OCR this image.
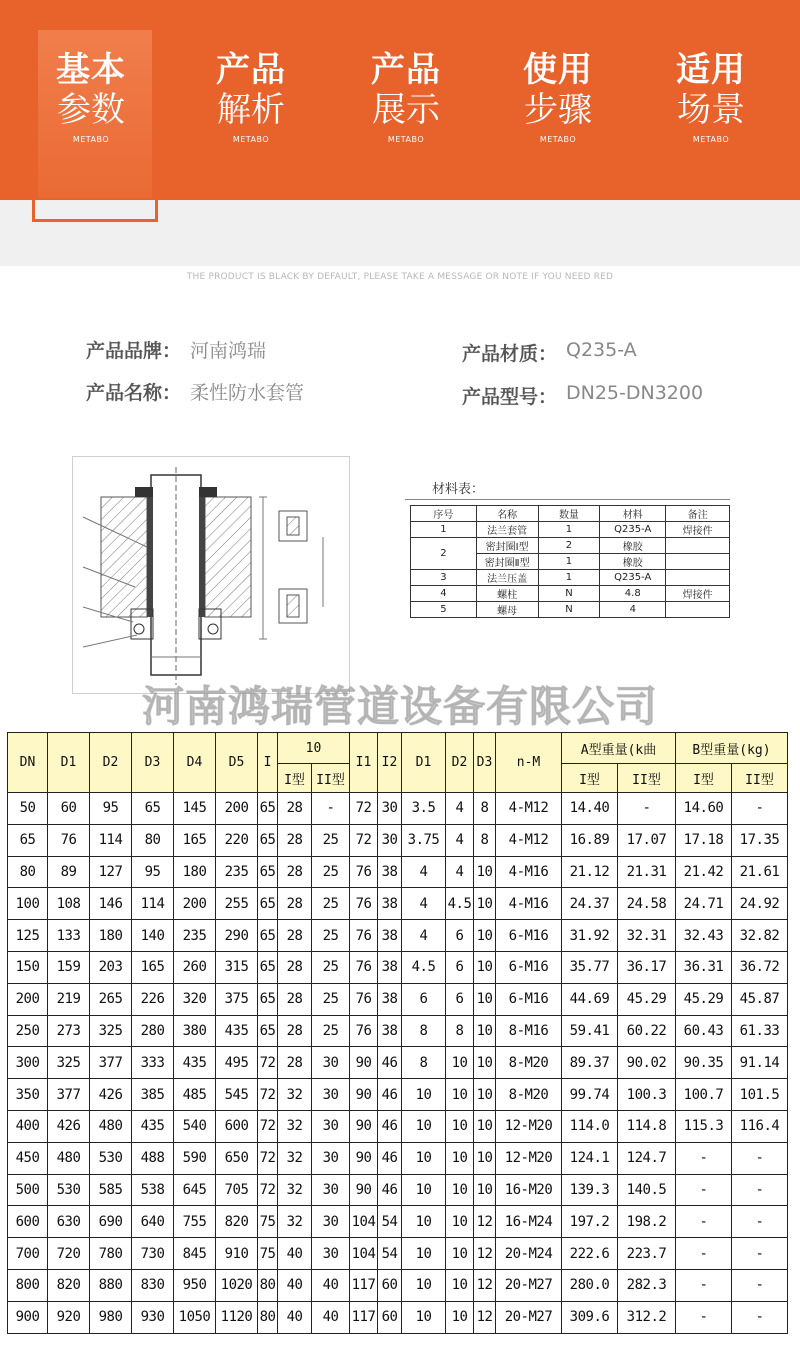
基本
参数
METABO
产品
解析
METABO
产品
展示
METABO
使用
步骤
METABO
适用
场景
METABO
THE PRODUCT IS BLACK BY DEFAULT, PLEASE TAKE A MESSAGE OR NOTE IF YOU NEED RED
产品品牌： 河南鸿瑞
产品名称： 柔性防水套管
产品材质： Q235-A
产品型号： DN25-DN3200
材料表：
序号	名称	数量	材料	备注
1	法兰套管	1	Q235-A	焊接件
2	密封圈Ⅰ型	2	橡胶	
	密封圈Ⅱ型	1	橡胶	
3	法兰压盖	1	Q235-A	
4	螺柱	N	4.8	焊接件
5	螺母	N	4	
河南鸿瑞管道设备有限公司
DN	D1	D2	D3	D4	D5	I	10		I1	I2	D1	D2	D3	n-M	A型重量(k曲		B型重量(kg)	
							I型	II型							I型	II型	I型	II型
50	60	95	65	145	200	65	28	-	72	30	3.5	4	8	4-M12	14.40	-	14.60	-
65	76	114	80	165	220	65	28	25	72	30	3.75	4	8	4-M12	16.89	17.07	17.18	17.35
80	89	127	95	180	235	65	28	25	76	38	4	4	10	4-M16	21.12	21.31	21.42	21.61
100	108	146	114	200	255	65	28	25	76	38	4	4.5	10	4-M16	24.37	24.58	24.71	24.92
125	133	180	140	235	290	65	28	25	76	38	4	6	10	6-M16	31.92	32.31	32.43	32.82
150	159	203	165	260	315	65	28	25	76	38	4.5	6	10	6-M16	35.77	36.17	36.31	36.72
200	219	265	226	320	375	65	28	25	76	38	6	6	10	6-M16	44.69	45.29	45.29	45.87
250	273	325	280	380	435	65	28	25	76	38	8	8	10	8-M16	59.41	60.22	60.43	61.33
300	325	377	333	435	495	72	28	30	90	46	8	10	10	8-M20	89.37	90.02	90.35	91.14
350	377	426	385	485	545	72	32	30	90	46	10	10	10	8-M20	99.74	100.3	100.7	101.5
400	426	480	435	540	600	72	32	30	90	46	10	10	10	12-M20	114.0	114.8	115.3	116.4
450	480	530	488	590	650	72	32	30	90	46	10	10	10	12-M20	124.1	124.7	-	-
500	530	585	538	645	705	72	32	30	90	46	10	10	10	16-M20	139.3	140.5	-	-
600	630	690	640	755	820	75	32	30	104	54	10	10	12	16-M24	197.2	198.2	-	-
700	720	780	730	845	910	75	40	30	104	54	10	10	12	20-M24	222.6	223.7	-	-
800	820	880	830	950	1020	80	40	40	117	60	10	10	12	20-M27	280.0	282.3	-	-
900	920	980	930	1050	1120	80	40	40	117	60	10	10	12	20-M27	309.6	312.2	-	-
